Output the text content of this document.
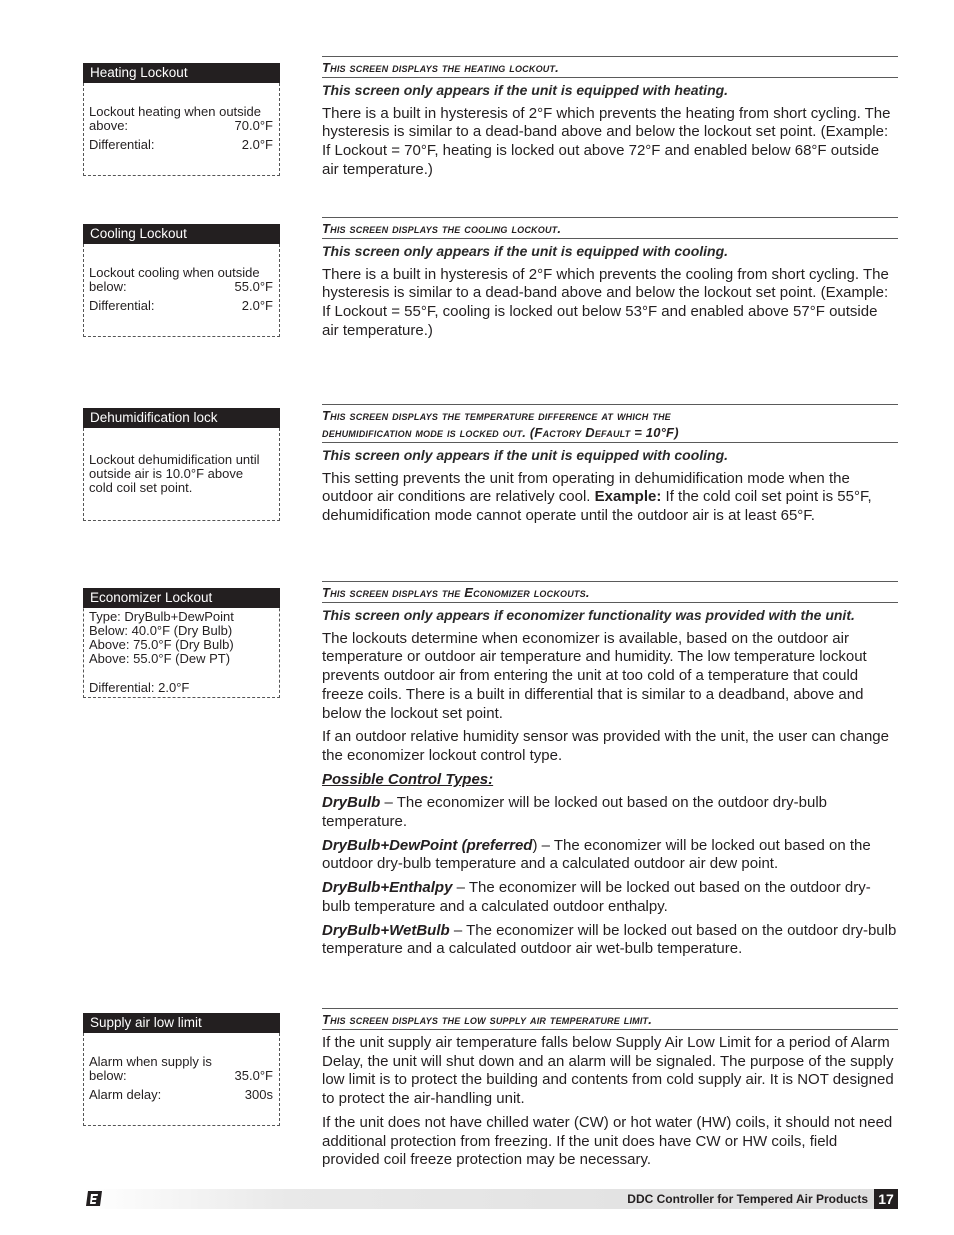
Heating Lockout
Lockout heating when outside
above:	70.0°F
Differential:	2.0°F
Cooling Lockout
Lockout cooling when outside
below:	55.0°F
Differential:	2.0°F
Dehumidification lock
Lockout dehumidification until
outside air is 10.0°F above
cold coil set point.
Economizer Lockout
Type: DryBulb+DewPoint
Below: 40.0°F (Dry Bulb)
Above: 75.0°F (Dry Bulb)
Above: 55.0°F (Dew PT)
Differential: 2.0°F
Supply air low limit
Alarm when supply is
below:	35.0°F
Alarm delay:	300s
This screen displays the heating lockout.
This screen only appears if the unit is equipped with heating.

There is a built in hysteresis of 2°F which prevents the heating from short cycling. The hysteresis is similar to a dead-band above and below the lockout set point. (Example: If Lockout = 70°F, heating is locked out above 72°F and enabled below 68°F outside air temperature.)

This screen displays the cooling lockout.
This screen only appears if the unit is equipped with cooling.

There is a built in hysteresis of 2°F which prevents the cooling from short cycling. The hysteresis is similar to a dead-band above and below the lockout set point. (Example: If Lockout = 55°F, cooling is locked out below 53°F and enabled above 57°F outside air temperature.)

This screen displays the temperature difference at which the
dehumidification mode is locked out. (Factory Default = 10°F)
This screen only appears if the unit is equipped with cooling.

This setting prevents the unit from operating in dehumidification mode when the outdoor air conditions are relatively cool. Example: If the cold coil set point is 55°F, dehumidification mode cannot operate until the outdoor air is at least 65°F.

This screen displays the Economizer lockouts.
This screen only appears if economizer functionality was provided with the unit.

The lockouts determine when economizer is available, based on the outdoor air temperature or outdoor air temperature and humidity. The low temperature lockout prevents outdoor air from entering the unit at too cold of a temperature that could freeze coils. There is a built in differential that is similar to a deadband, above and below the lockout set point.

If an outdoor relative humidity sensor was provided with the unit, the user can change the economizer lockout control type.

Possible Control Types:

DryBulb – The economizer will be locked out based on the outdoor dry-bulb temperature.

DryBulb+DewPoint (preferred) – The economizer will be locked out based on the outdoor dry-bulb temperature and a calculated outdoor air dew point.

DryBulb+Enthalpy – The economizer will be locked out based on the outdoor dry-bulb temperature and a calculated outdoor enthalpy.

DryBulb+WetBulb – The economizer will be locked out based on the outdoor dry-bulb temperature and a calculated outdoor air wet-bulb temperature.

This screen displays the low supply air temperature limit.

If the unit supply air temperature falls below Supply Air Low Limit for a period of Alarm Delay, the unit will shut down and an alarm will be signaled. The purpose of the supply low limit is to protect the building and contents from cold supply air. It is NOT designed to protect the air-handling unit.

If the unit does not have chilled water (CW) or hot water (HW) coils, it should not need additional protection from freezing. If the unit does have CW or HW coils, field provided coil freeze protection may be necessary.

DDC Controller for Tempered Air Products 17
